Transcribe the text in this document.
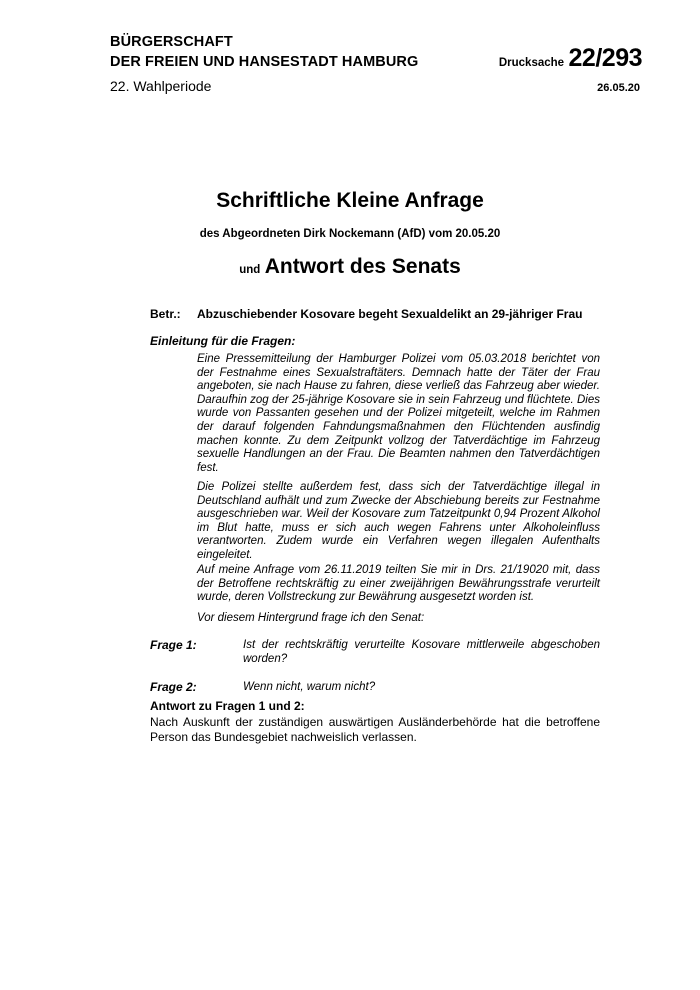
BÜRGERSCHAFT
DER FREIEN UND HANSESTADT HAMBURG
22. Wahlperiode
Drucksache 22/293
26.05.20
Schriftliche Kleine Anfrage
des Abgeordneten Dirk Nockemann (AfD) vom 20.05.20
und Antwort des Senats
Betr.: Abzuschiebender Kosovare begeht Sexualdelikt an 29-jähriger Frau
Einleitung für die Fragen:
Eine Pressemitteilung der Hamburger Polizei vom 05.03.2018 berichtet von der Festnahme eines Sexualstraftäters. Demnach hatte der Täter der Frau angeboten, sie nach Hause zu fahren, diese verließ das Fahrzeug aber wieder. Daraufhin zog der 25-jährige Kosovare sie in sein Fahrzeug und flüchtete. Dies wurde von Passanten gesehen und der Polizei mitgeteilt, welche im Rahmen der darauf folgenden Fahndungsmaßnahmen den Flüchtenden ausfindig machen konnte. Zu dem Zeitpunkt vollzog der Tatverdächtige im Fahrzeug sexuelle Handlungen an der Frau. Die Beamten nahmen den Tatverdächtigen fest.
Die Polizei stellte außerdem fest, dass sich der Tatverdächtige illegal in Deutschland aufhält und zum Zwecke der Abschiebung bereits zur Festnahme ausgeschrieben war. Weil der Kosovare zum Tatzeitpunkt 0,94 Prozent Alkohol im Blut hatte, muss er sich auch wegen Fahrens unter Alkoholeinfluss verantworten. Zudem wurde ein Verfahren wegen illegalen Aufenthalts eingeleitet.
Auf meine Anfrage vom 26.11.2019 teilten Sie mir in Drs. 21/19020 mit, dass der Betroffene rechtskräftig zu einer zweijährigen Bewährungsstrafe verurteilt wurde, deren Vollstreckung zur Bewährung ausgesetzt worden ist.
Vor diesem Hintergrund frage ich den Senat:
Frage 1:	Ist der rechtskräftig verurteilte Kosovare mittlerweile abgeschoben worden?
Frage 2:	Wenn nicht, warum nicht?
Antwort zu Fragen 1 und 2:
Nach Auskunft der zuständigen auswärtigen Ausländerbehörde hat die betroffene Person das Bundesgebiet nachweislich verlassen.
